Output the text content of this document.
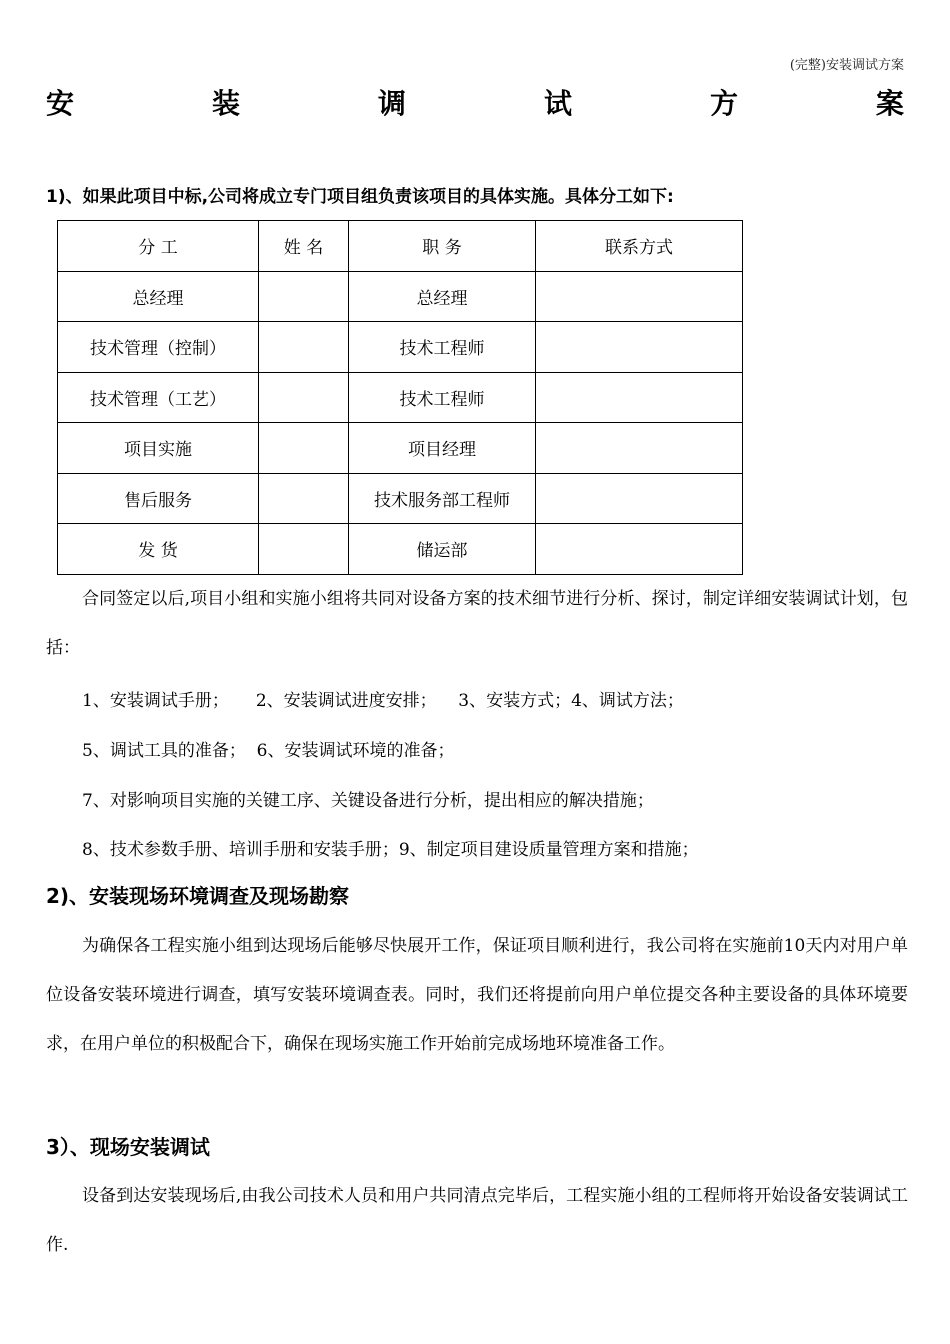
(完整)安装调试方案
安	装	调	试	方	案
1)、如果此项目中标,公司将成立专门项目组负责该项目的具体实施。具体分工如下:
分 工	姓 名	职 务	联系方式
总经理		总经理	
技术管理（控制）		技术工程师	
技术管理（工艺）		技术工程师	
项目实施		项目经理	
售后服务		技术服务部工程师	
发 货		储运部	
合同签定以后,项目小组和实施小组将共同对设备方案的技术细节进行分析、探讨，制定详细安装调试计划，包括：
1、安装调试手册；     2、安装调试进度安排；    3、安装方式；4、调试方法；
5、调试工具的准备；  6、安装调试环境的准备；
7、对影响项目实施的关键工序、关键设备进行分析，提出相应的解决措施；
8、技术参数手册、培训手册和安装手册；9、制定项目建设质量管理方案和措施；
2)、安装现场环境调查及现场勘察
为确保各工程实施小组到达现场后能够尽快展开工作，保证项目顺利进行，我公司将在实施前10天内对用户单位设备安装环境进行调查，填写安装环境调查表。同时，我们还将提前向用户单位提交各种主要设备的具体环境要求，在用户单位的积极配合下，确保在现场实施工作开始前完成场地环境准备工作。
3）、现场安装调试
设备到达安装现场后,由我公司技术人员和用户共同清点完毕后，工程实施小组的工程师将开始设备安装调试工作.
